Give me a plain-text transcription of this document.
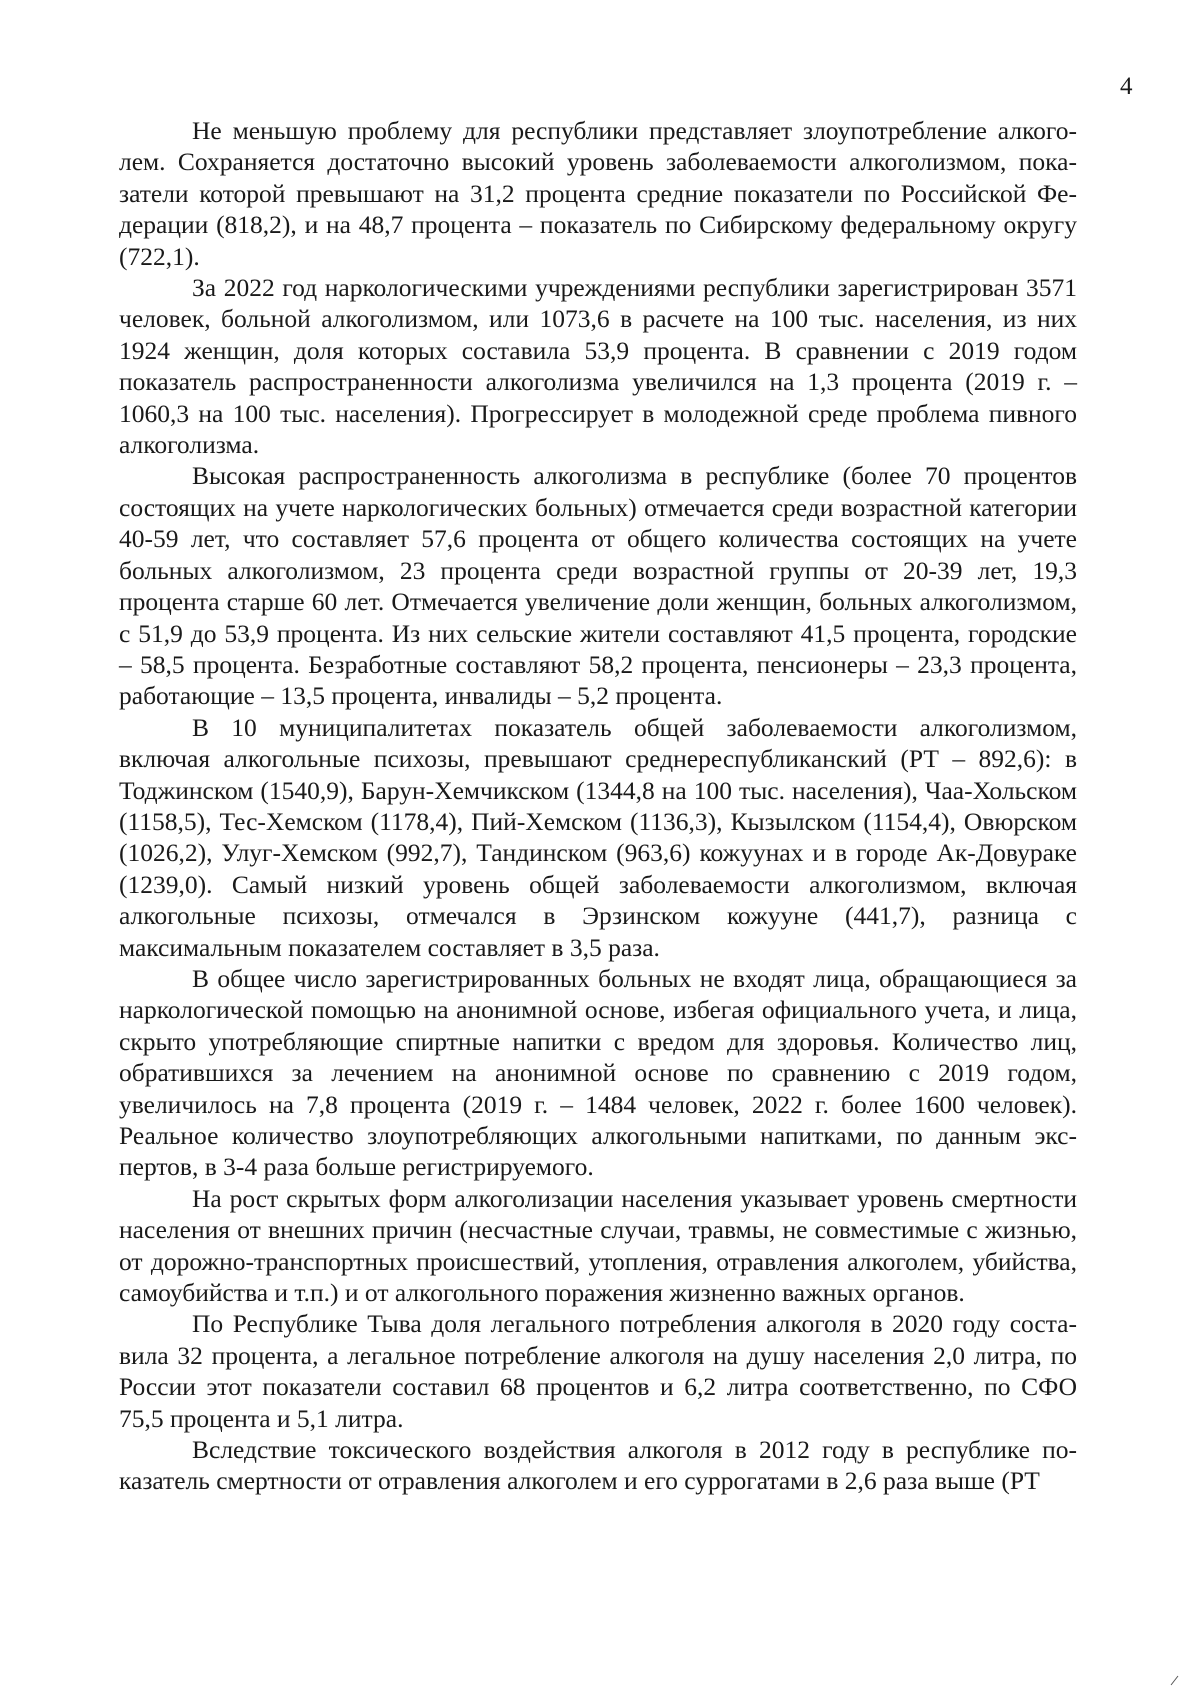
4

Не меньшую проблему для республики представляет злоупотребление алкоголем. Сохраняется достаточно высокий уровень заболеваемости алкоголизмом, показатели которой превышают на 31,2 процента средние показатели по Российской Федерации (818,2), и на 48,7 процента – показатель по Сибирскому федеральному округу (722,1).

За 2022 год наркологическими учреждениями республики зарегистрирован 3571 человек, больной алкоголизмом, или 1073,6 в расчете на 100 тыс. населения, из них 1924 женщин, доля которых составила 53,9 процента. В сравнении с 2019 годом показатель распространенности алкоголизма увеличился на 1,3 процента (2019 г. – 1060,3 на 100 тыс. населения). Прогрессирует в молодежной среде проблема пивного алкоголизма.

Высокая распространенность алкоголизма в республике (более 70 процентов состоящих на учете наркологических больных) отмечается среди возрастной категории 40-59 лет, что составляет 57,6 процента от общего количества состоящих на учете больных алкоголизмом, 23 процента среди возрастной группы от 20-39 лет, 19,3 процента старше 60 лет. Отмечается увеличение доли женщин, больных алкоголизмом, с 51,9 до 53,9 процента. Из них сельские жители составляют 41,5 процента, городские – 58,5 процента. Безработные составляют 58,2 процента, пенсионеры – 23,3 процента, работающие – 13,5 процента, инвалиды – 5,2 процента.

В 10 муниципалитетах показатель общей заболеваемости алкоголизмом, включая алкогольные психозы, превышают среднереспубликанский (РТ – 892,6): в Тоджинском (1540,9), Барун-Хемчикском (1344,8 на 100 тыс. населения), Чаа-Хольском (1158,5), Тес-Хемском (1178,4), Пий-Хемском (1136,3), Кызылском (1154,4), Овюрском (1026,2), Улуг-Хемском (992,7), Тандинском (963,6) кожуунах и в городе Ак-Довураке (1239,0). Самый низкий уровень общей заболеваемости алкоголизмом, включая алкогольные психозы, отмечался в Эрзинском кожууне (441,7), разница с максимальным показателем составляет в 3,5 раза.

В общее число зарегистрированных больных не входят лица, обращающиеся за наркологической помощью на анонимной основе, избегая официального учета, и лица, скрыто употребляющие спиртные напитки с вредом для здоровья. Количество лиц, обратившихся за лечением на анонимной основе по сравнению с 2019 годом, увеличилось на 7,8 процента (2019 г. – 1484 человек, 2022 г. более 1600 человек). Реальное количество злоупотребляющих алкогольными напитками, по данным экспертов, в 3-4 раза больше регистрируемого.

На рост скрытых форм алкоголизации населения указывает уровень смертности населения от внешних причин (несчастные случаи, травмы, не совместимые с жизнью, от дорожно-транспортных происшествий, утопления, отравления алкоголем, убийства, самоубийства и т.п.) и от алкогольного поражения жизненно важных органов.

По Республике Тыва доля легального потребления алкоголя в 2020 году составила 32 процента, а легальное потребление алкоголя на душу населения 2,0 литра, по России этот показатели составил 68 процентов и 6,2 литра соответственно, по СФО 75,5 процента и 5,1 литра.

Вследствие токсического воздействия алкоголя в 2012 году в республике показатель смертности от отравления алкоголем и его суррогатами в 2,6 раза выше (РТ
